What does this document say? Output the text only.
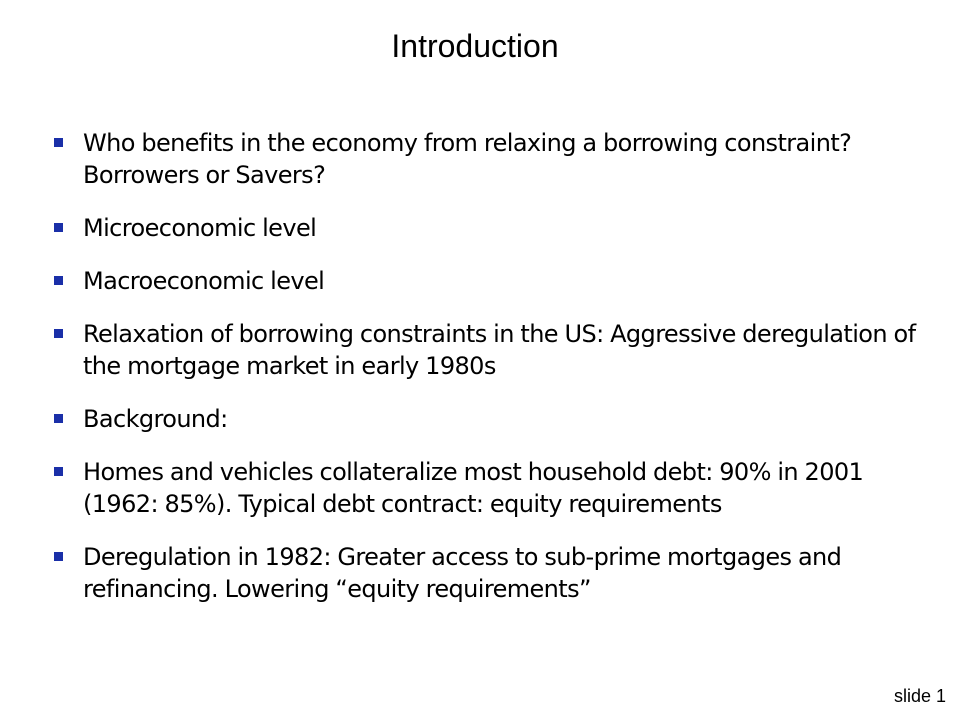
Introduction
Who benefits in the economy from relaxing a borrowing constraint? Borrowers or Savers?
Microeconomic level
Macroeconomic level
Relaxation of borrowing constraints in the US: Aggressive deregulation of the mortgage market in early 1980s
Background:
Homes and vehicles collateralize most household debt: 90% in 2001 (1962: 85%). Typical debt contract: equity requirements
Deregulation in 1982: Greater access to sub-prime mortgages and refinancing. Lowering “equity requirements”
slide 1
